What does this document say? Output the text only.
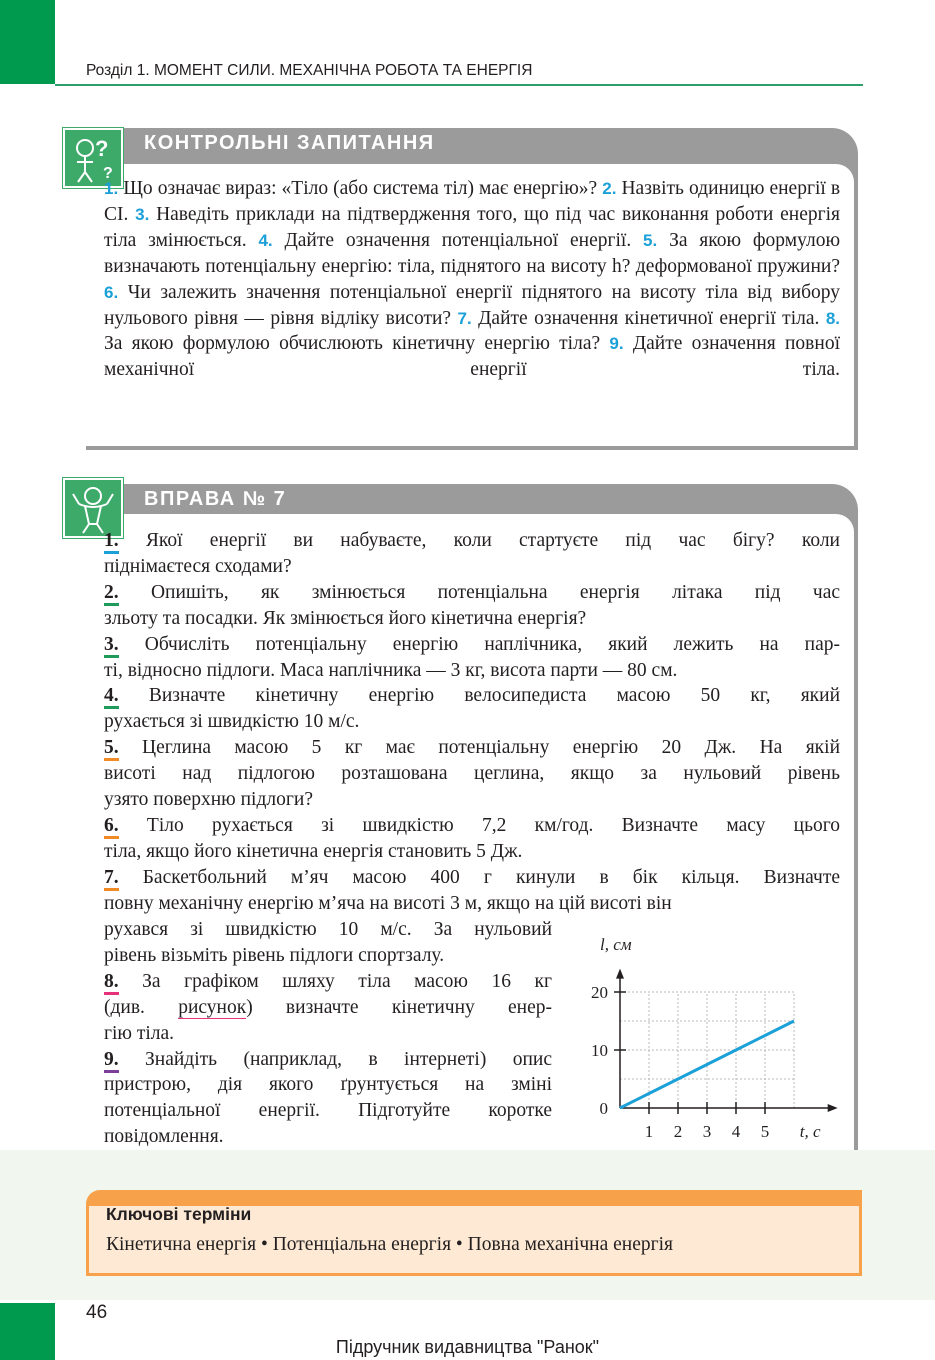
Розділ 1. МОМЕНТ СИЛИ. МЕХАНІЧНА РОБОТА ТА ЕНЕРГІЯ
КОНТРОЛЬНІ ЗАПИТАННЯ
?
?
1. Що означає вираз: «Тіло (або система тіл) має енергію»? 2. Назвіть одиницю енергії в СІ. 3. Наведіть приклади на підтвердження того, що під час виконання роботи енергія тіла змінюється. 4. Дайте означення потенціальної енергії. 5. За якою формулою визначають потенціальну енергію: тіла, піднятого на висоту h? деформованої пружини? 6. Чи залежить значення потенціальної енергії піднятого на висоту тіла від вибору нульового рівня — рівня відліку висоти? 7. Дайте означення кінетичної енергії тіла. 8. За якою формулою обчислюють кінетичну енергію тіла? 9. Дайте означення повної механічної енергії тіла.
ВПРАВА № 7
1. Якої енергії ви набуваєте, коли стартуєте під час бігу? коли
піднімаєтеся сходами?
2. Опишіть, як змінюється потенціальна енергія літака під час
зльоту та посадки. Як змінюється його кінетична енергія?
3. Обчисліть потенціальну енергію наплічника, який лежить на пар-
ті, відносно підлоги. Маса наплічника — 3 кг, висота парти — 80 см.
4. Визначте кінетичну енергію велосипедиста масою 50 кг, який
рухається зі швидкістю 10 м/с.
5. Цеглина масою 5 кг має потенціальну енергію 20 Дж. На якій
висоті над підлогою розташована цеглина, якщо за нульовий рівень
узято поверхню підлоги?
6. Тіло рухається зі швидкістю 7,2 км/год. Визначте масу цього
тіла, якщо його кінетична енергія становить 5 Дж.
7. Баскетбольний м’яч масою 400 г кинули в бік кільця. Визначте
повну механічну енергію м’яча на висоті 3 м, якщо на цій висоті він
рухався зі швидкістю 10 м/с. За нульовий
рівень візьміть рівень підлоги спортзалу.
8. За графіком шляху тіла масою 16 кг
(див. рисунок) визначте кінетичну енер-
гію тіла.
9. Знайдіть (наприклад, в інтернеті) опис
пристрою, дія якого ґрунтується на зміні
потенціальної енергії. Підготуйте коротке
повідомлення.	1 2 3 4 5
0
10
20
t, с
l, см
Ключові терміни
Кінетична енергія • Потенціальна енергія • Повна механічна енергія
46
Підручник видавництва "Ранок"
